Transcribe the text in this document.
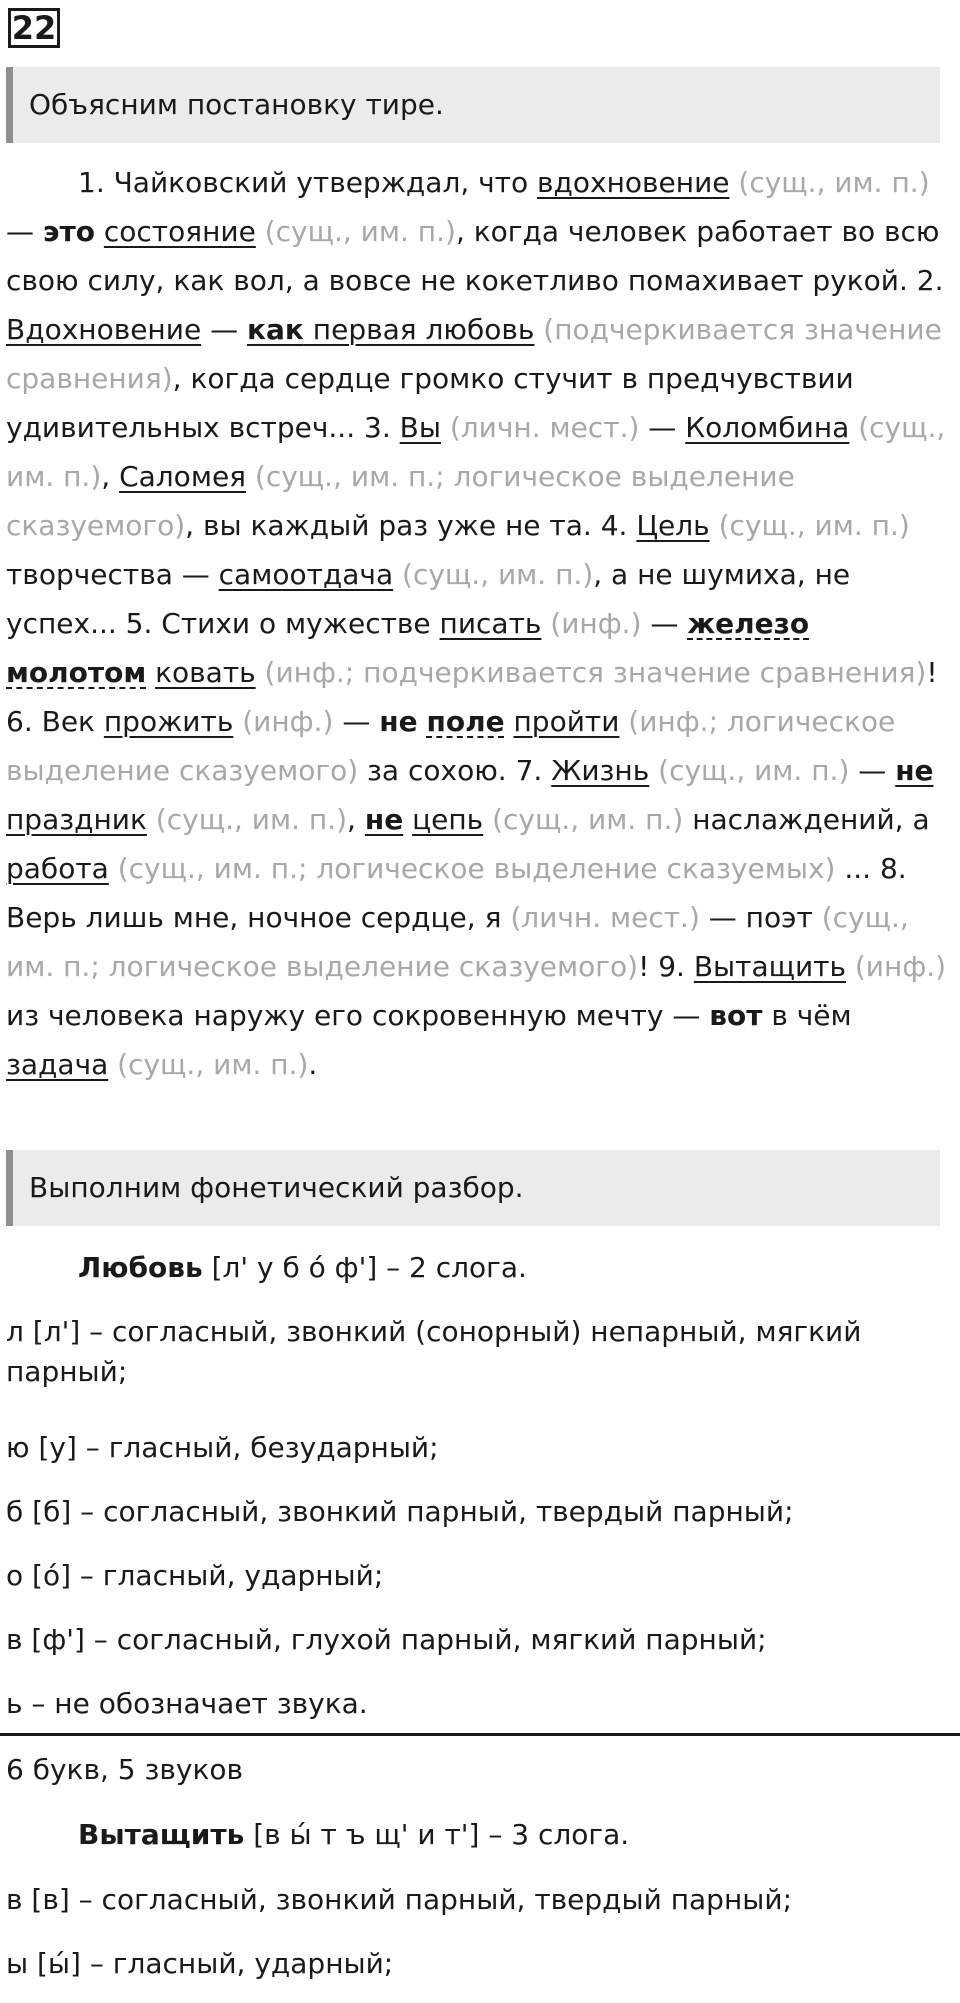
22
Объясним постановку тире.
1. Чайковский утверждал, что вдохновение (сущ., им. п.) — это состояние (сущ., им. п.), когда человек работает во всю свою силу, как вол, а вовсе не кокетливо помахивает рукой. 2. Вдохновение — как первая любовь (подчеркивается значение сравнения), когда сердце громко стучит в предчувствии удивительных встреч... 3. Вы (личн. мест.) — Коломбина (сущ., им. п.), Саломея (сущ., им. п.; логическое выделение сказуемого), вы каждый раз уже не та. 4. Цель (сущ., им. п.) творчества — самоотдача (сущ., им. п.), а не шумиха, не успех... 5. Стихи о мужестве писать (инф.) — железо молотом ковать (инф.; подчеркивается значение сравнения)! 6. Век прожить (инф.) — не поле пройти (инф.; логическое выделение сказуемого) за сохою. 7. Жизнь (сущ., им. п.) — не праздник (сущ., им. п.), не цепь (сущ., им. п.) наслаждений, а работа (сущ., им. п.; логическое выделение сказуемых) ... 8. Верь лишь мне, ночное сердце, я (личн. мест.) — поэт (сущ., им. п.; логическое выделение сказуемого)! 9. Вытащить (инф.) из человека наружу его сокровенную мечту — вот в чём задача (сущ., им. п.).
Выполним фонетический разбор.
Любовь [л' у б о́ ф'] – 2 слога.
л [л'] – согласный, звонкий (сонорный) непарный, мягкий парный;
ю [у] – гласный, безударный;
б [б] – согласный, звонкий парный, твердый парный;
о [о́] – гласный, ударный;
в [ф'] – согласный, глухой парный, мягкий парный;
ь – не обозначает звука.
6 букв, 5 звуков
Вытащить [в ы́ т ъ щ' и т'] – 3 слога.
в [в] – согласный, звонкий парный, твердый парный;
ы [ы́] – гласный, ударный;
